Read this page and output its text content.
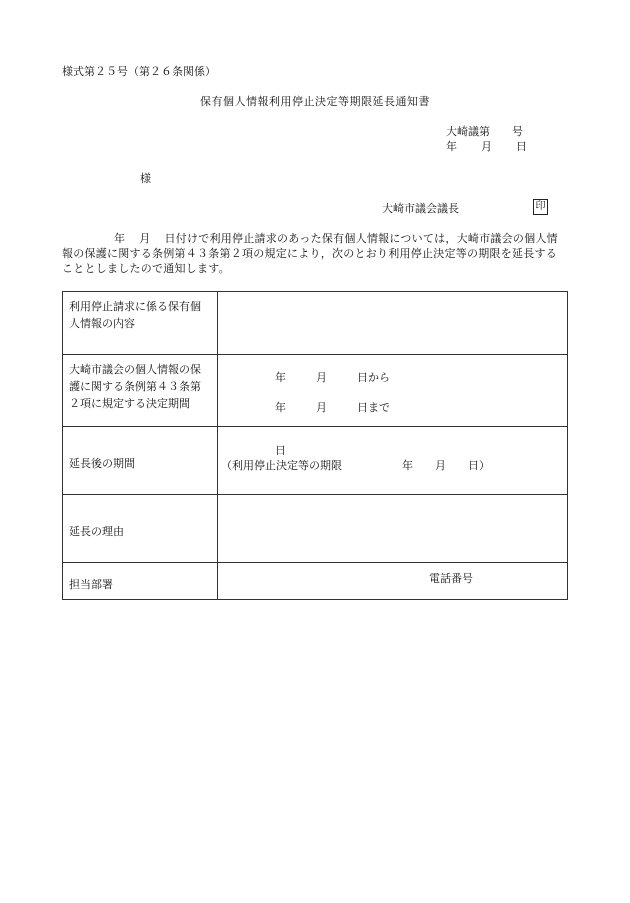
様式第２５号（第２６条関係）
保有個人情報利用停止決定等期限延長通知書
大崎議第 号
年 月 日
様
大崎市議会議長	印
年 月 日付けで利用停止請求のあった保有個人情報については，大崎市議会の個人情報の保護に関する条例第４３条第２項の規定により，次のとおり利用停止決定等の期限を延長することとしましたので通知します。
利用停止請求に係る保有個人情報の内容	
大崎市議会の個人情報の保護に関する条例第４３条第２項に規定する決定期間	年 月 日から
年 月 日まで

延長後の期間	日
（利用停止決定等の期限 年 月 日）

延長の理由	
担当部署	電話番号
